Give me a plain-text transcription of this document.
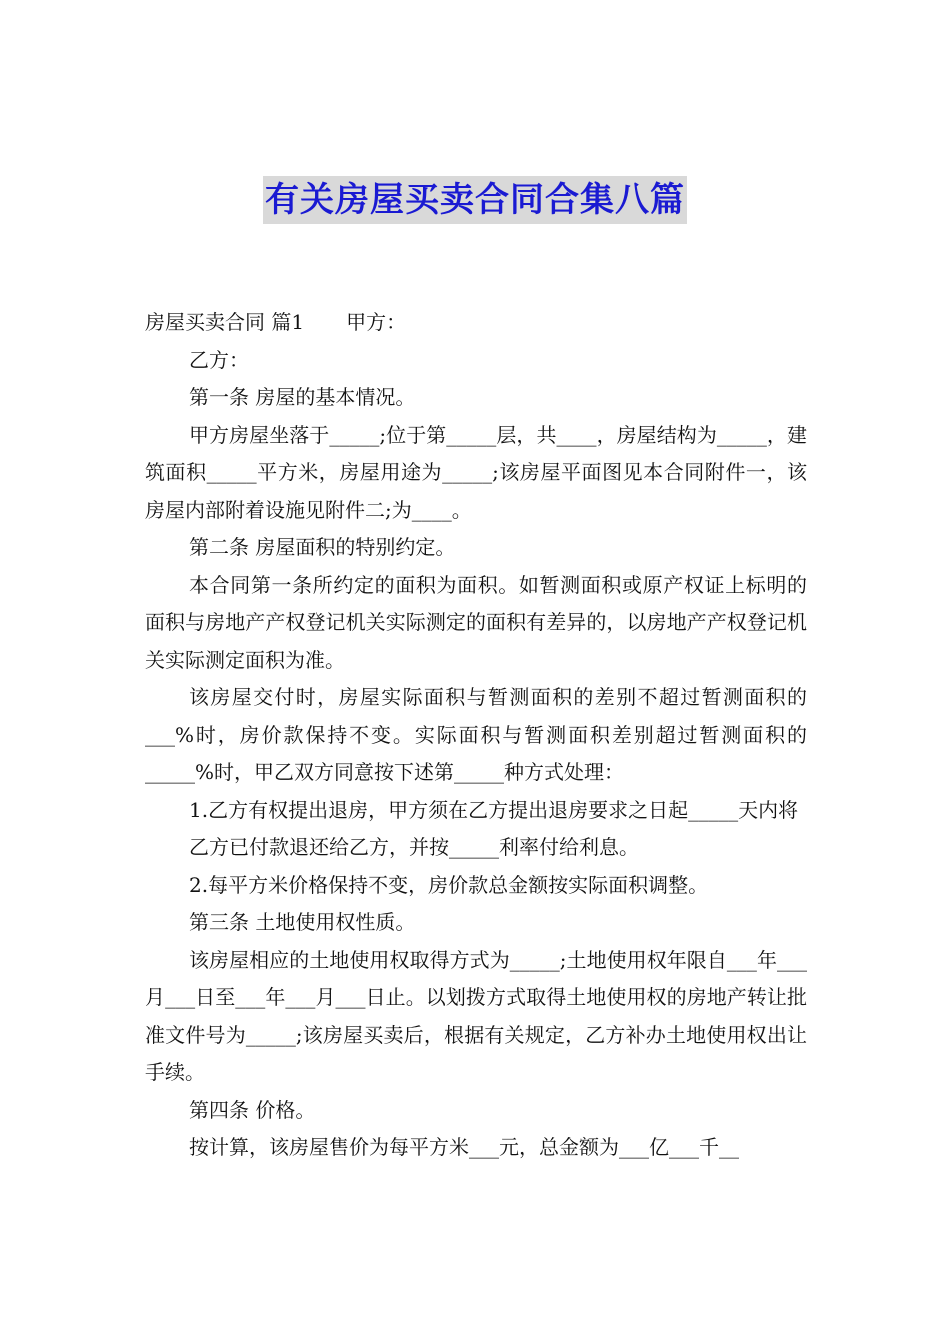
有关房屋买卖合同合集八篇

房屋买卖合同 篇1 甲方：

乙方：

第一条 房屋的基本情况。

甲方房屋坐落于_____;位于第_____层，共____，房屋结构为_____，建筑面积_____平方米，房屋用途为_____;该房屋平面图见本合同附件一，该房屋内部附着设施见附件二;为____。

第二条 房屋面积的特别约定。

本合同第一条所约定的面积为面积。如暂测面积或原产权证上标明的面积与房地产产权登记机关实际测定的面积有差异的，以房地产产权登记机关实际测定面积为准。

该房屋交付时，房屋实际面积与暂测面积的差别不超过暂测面积的___%时，房价款保持不变。实际面积与暂测面积差别超过暂测面积的_____%时，甲乙双方同意按下述第_____种方式处理：

1.乙方有权提出退房，甲方须在乙方提出退房要求之日起_____天内将

乙方已付款退还给乙方，并按_____利率付给利息。

2.每平方米价格保持不变，房价款总金额按实际面积调整。

第三条 土地使用权性质。

该房屋相应的土地使用权取得方式为_____;土地使用权年限自___年___月___日至___年___月___日止。以划拨方式取得土地使用权的房地产转让批准文件号为_____;该房屋买卖后，根据有关规定，乙方补办土地使用权出让手续。

第四条 价格。

按计算，该房屋售价为每平方米___元，总金额为___亿___千__
